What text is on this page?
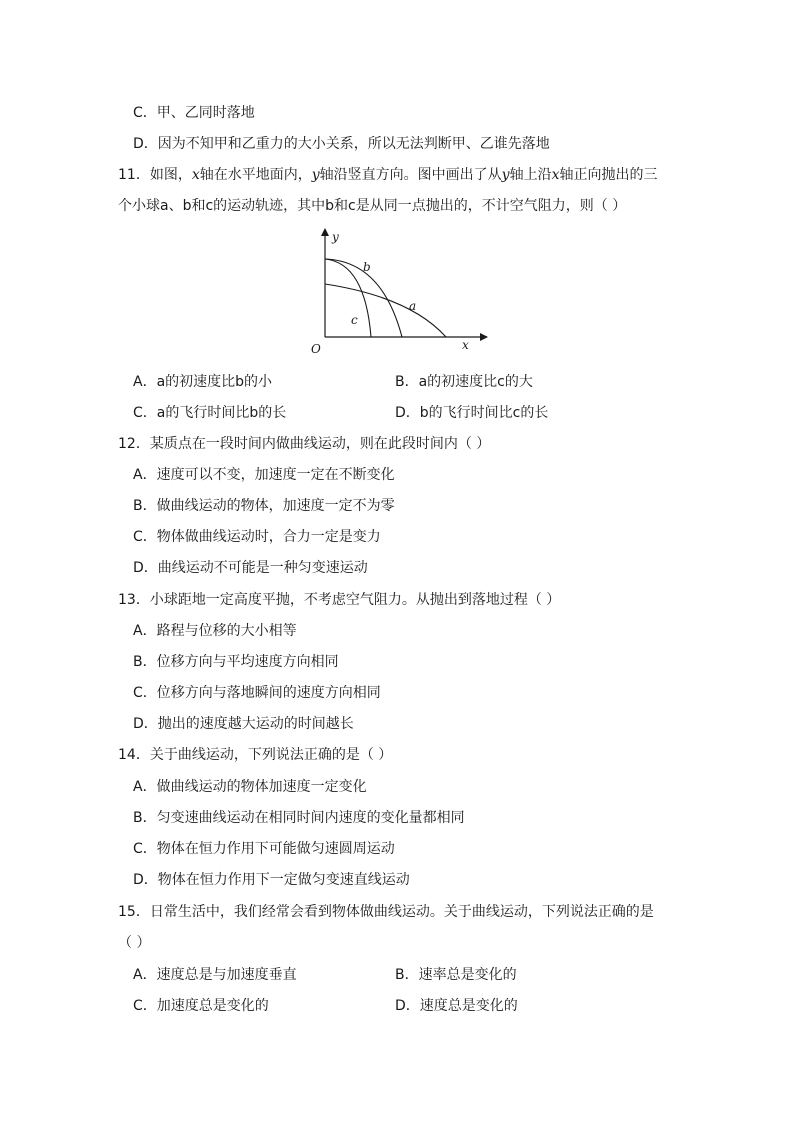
C．甲、乙同时落地
D．因为不知甲和乙重力的大小关系，所以无法判断甲、乙谁先落地
11．如图，x轴在水平地面内，y轴沿竖直方向。图中画出了从y轴上沿x轴正向抛出的三
个小球a、b和c的运动轨迹，其中b和c是从同一点抛出的，不计空气阻力，则（ ）
y
x
O
b
a
c
A．a的初速度比b的小	B．a的初速度比c的大
C．a的飞行时间比b的长	D．b的飞行时间比c的长
12．某质点在一段时间内做曲线运动，则在此段时间内（ ）
A．速度可以不变，加速度一定在不断变化
B．做曲线运动的物体，加速度一定不为零
C．物体做曲线运动时，合力一定是变力
D．曲线运动不可能是一种匀变速运动
13．小球距地一定高度平抛，不考虑空气阻力。从抛出到落地过程（ ）
A．路程与位移的大小相等
B．位移方向与平均速度方向相同
C．位移方向与落地瞬间的速度方向相同
D．抛出的速度越大运动的时间越长
14．关于曲线运动，下列说法正确的是（ ）
A．做曲线运动的物体加速度一定变化
B．匀变速曲线运动在相同时间内速度的变化量都相同
C．物体在恒力作用下可能做匀速圆周运动
D．物体在恒力作用下一定做匀变速直线运动
15．日常生活中，我们经常会看到物体做曲线运动。关于曲线运动，下列说法正确的是
（ ）
A．速度总是与加速度垂直	B．速率总是变化的
C．加速度总是变化的	D．速度总是变化的
